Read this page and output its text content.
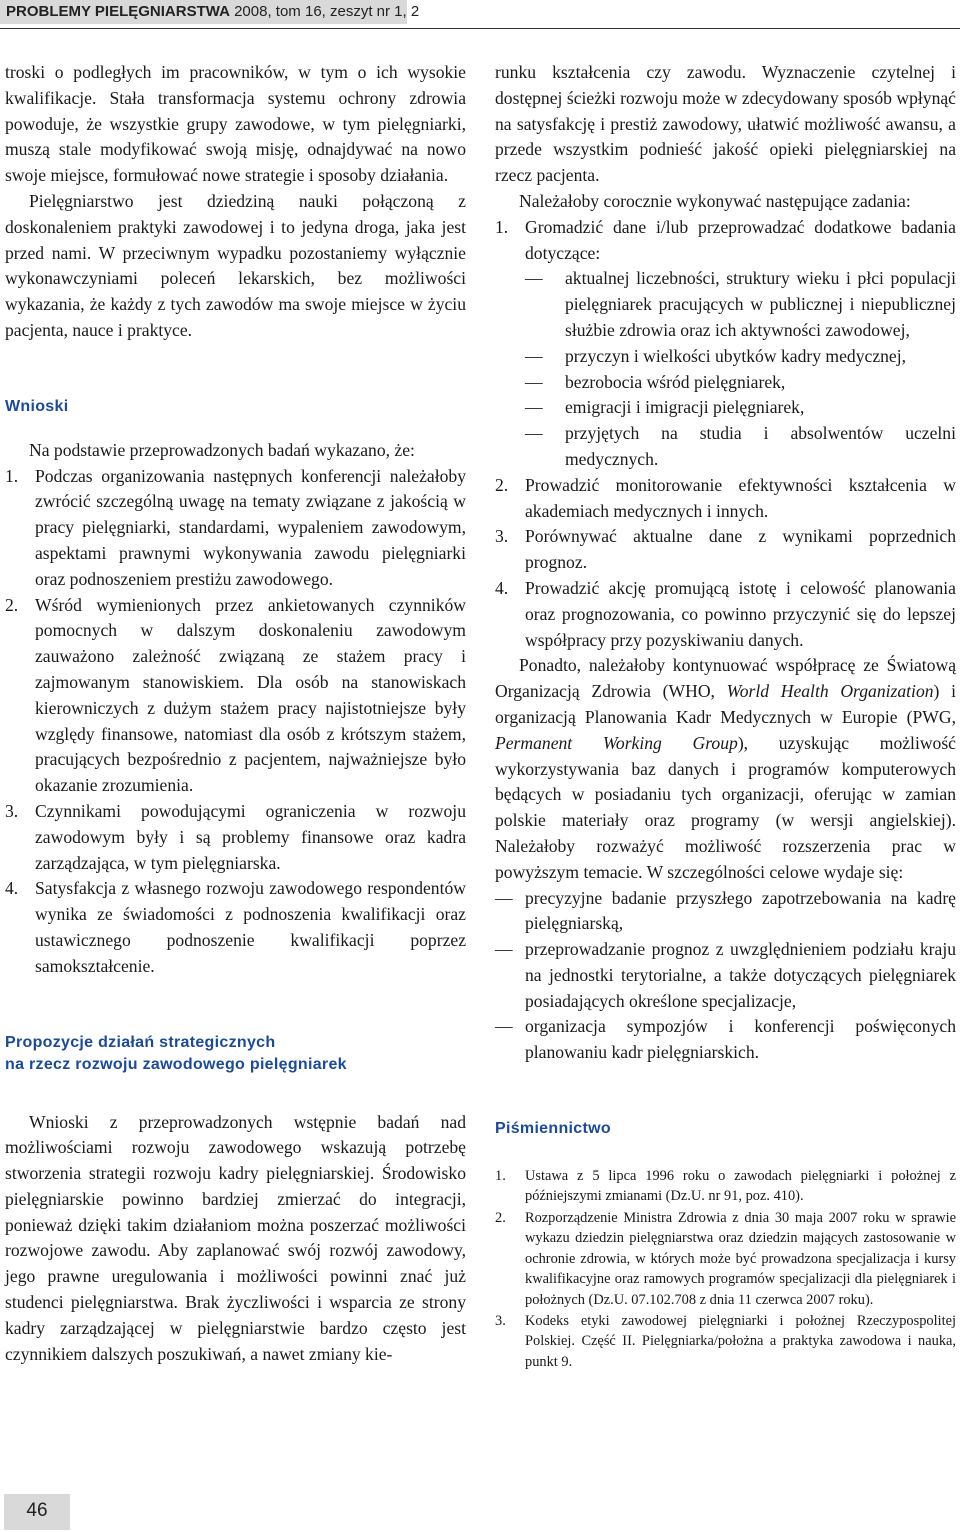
PROBLEMY PIELĘGNIARSTWA 2008, tom 16, zeszyt nr 1, 2

troski o podległych im pracowników, w tym o ich wysokie kwalifikacje. Stała transformacja systemu ochrony zdrowia powoduje, że wszystkie grupy zawodowe, w tym pielęgniarki, muszą stale modyfikować swoją misję, odnajdywać na nowo swoje miejsce, formułować nowe strategie i sposoby działania.

Pielęgniarstwo jest dziedziną nauki połączoną z doskonaleniem praktyki zawodowej i to jedyna droga, jaka jest przed nami. W przeciwnym wypadku pozostaniemy wyłącznie wykonawczyniami poleceń lekarskich, bez możliwości wykazania, że każdy z tych zawodów ma swoje miejsce w życiu pacjenta, nauce i praktyce.

Wnioski

Na podstawie przeprowadzonych badań wykazano, że:

1. Podczas organizowania następnych konferencji należałoby zwrócić szczególną uwagę na tematy związane z jakością w pracy pielęgniarki, standardami, wypaleniem zawodowym, aspektami prawnymi wykonywania zawodu pielęgniarki oraz podnoszeniem prestiżu zawodowego.
2. Wśród wymienionych przez ankietowanych czynników pomocnych w dalszym doskonaleniu zawodowym zauważono zależność związaną ze stażem pracy i zajmowanym stanowiskiem. Dla osób na stanowiskach kierowniczych z dużym stażem pracy najistotniejsze były względy finansowe, natomiast dla osób z krótszym stażem, pracujących bezpośrednio z pacjentem, najważniejsze było okazanie zrozumienia.
3. Czynnikami powodującymi ograniczenia w rozwoju zawodowym były i są problemy finansowe oraz kadra zarządzająca, w tym pielęgniarska.
4. Satysfakcja z własnego rozwoju zawodowego respondentów wynika ze świadomości z podnoszenia kwalifikacji oraz ustawicznego podnoszenie kwalifikacji poprzez samokształcenie.
Propozycje działań strategicznych
na rzecz rozwoju zawodowego pielęgniarek

Wnioski z przeprowadzonych wstępnie badań nad możliwościami rozwoju zawodowego wskazują potrzebę stworzenia strategii rozwoju kadry pielęgniarskiej. Środowisko pielęgniarskie powinno bardziej zmierzać do integracji, ponieważ dzięki takim działaniom można poszerzać możliwości rozwojowe zawodu. Aby zaplanować swój rozwój zawodowy, jego prawne uregulowania i możliwości powinni znać już studenci pielęgniarstwa. Brak życzliwości i wsparcia ze strony kadry zarządzającej w pielęgniarstwie bardzo często jest czynnikiem dalszych poszukiwań, a nawet zmiany kie-

runku kształcenia czy zawodu. Wyznaczenie czytelnej i dostępnej ścieżki rozwoju może w zdecydowany sposób wpłynąć na satysfakcję i prestiż zawodowy, ułatwić możliwość awansu, a przede wszystkim podnieść jakość opieki pielęgniarskiej na rzecz pacjenta.

Należałoby corocznie wykonywać następujące zadania:

1. Gromadzić dane i/lub przeprowadzać dodatkowe badania dotyczące:
— aktualnej liczebności, struktury wieku i płci populacji pielęgniarek pracujących w publicznej i niepublicznej służbie zdrowia oraz ich aktywności zawodowej,
— przyczyn i wielkości ubytków kadry medycznej,
— bezrobocia wśród pielęgniarek,
— emigracji i imigracji pielęgniarek,
— przyjętych na studia i absolwentów uczelni medycznych.
2. Prowadzić monitorowanie efektywności kształcenia w akademiach medycznych i innych.
3. Porównywać aktualne dane z wynikami poprzednich prognoz.
4. Prowadzić akcję promującą istotę i celowość planowania oraz prognozowania, co powinno przyczynić się do lepszej współpracy przy pozyskiwaniu danych.

Ponadto, należałoby kontynuować współpracę ze Światową Organizacją Zdrowia (WHO, World Health Organization) i organizacją Planowania Kadr Medycznych w Europie (PWG, Permanent Working Group), uzyskując możliwość wykorzystywania baz danych i programów komputerowych będących w posiadaniu tych organizacji, oferując w zamian polskie materiały oraz programy (w wersji angielskiej). Należałoby rozważyć możliwość rozszerzenia prac w powyższym temacie. W szczególności celowe wydaje się:

— precyzyjne badanie przyszłego zapotrzebowania na kadrę pielęgniarską,
— przeprowadzanie prognoz z uwzględnieniem podziału kraju na jednostki terytorialne, a także dotyczących pielęgniarek posiadających określone specjalizacje,
— organizacja sympozjów i konferencji poświęconych planowaniu kadr pielęgniarskich.
Piśmiennictwo
1. Ustawa z 5 lipca 1996 roku o zawodach pielęgniarki i położnej z późniejszymi zmianami (Dz.U. nr 91, poz. 410).
2. Rozporządzenie Ministra Zdrowia z dnia 30 maja 2007 roku w sprawie wykazu dziedzin pielęgniarstwa oraz dziedzin mających zastosowanie w ochronie zdrowia, w których może być prowadzona specjalizacja i kursy kwalifikacyjne oraz ramowych programów specjalizacji dla pielęgniarek i położnych (Dz.U. 07.102.708 z dnia 11 czerwca 2007 roku).
3. Kodeks etyki zawodowej pielęgniarki i położnej Rzeczypospolitej Polskiej. Część II. Pielęgniarka/położna a praktyka zawodowa i nauka, punkt 9.
46
